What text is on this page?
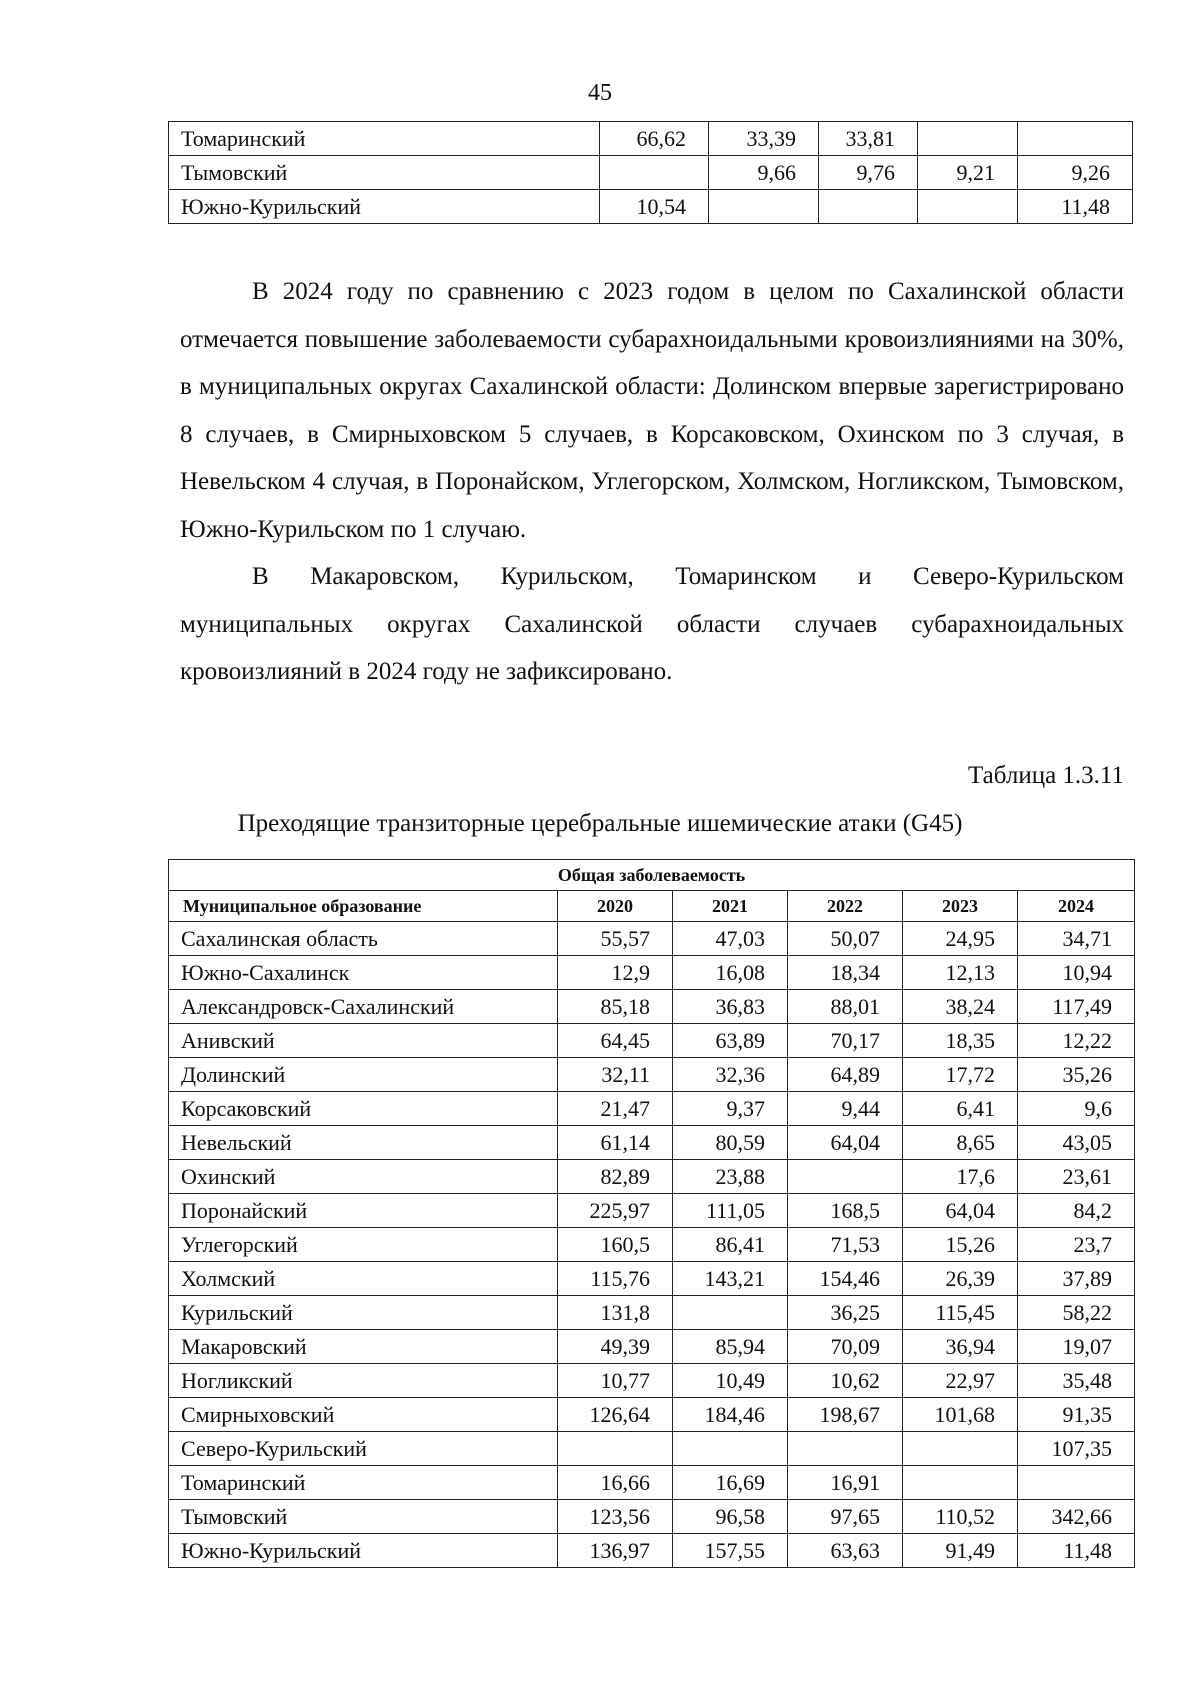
45
Томаринский	66,62	33,39	33,81		
Тымовский		9,66	9,76	9,21	9,26
Южно-Курильский	10,54				11,48

В 2024 году по сравнению с 2023 годом в целом по Сахалинской области отмечается повышение заболеваемости субарахноидальными кровоизлияниями на 30%, в муниципальных округах Сахалинской области: Долинском впервые зарегистрировано 8 случаев, в Смирныховском 5 случаев, в Корсаковском, Охинском по 3 случая, в Невельском 4 случая, в Поронайском, Углегорском, Холмском, Ногликском, Тымовском, Южно-Курильском по 1 случаю.

В Макаровском, Курильском, Томаринском и Северо-Курильском муниципальных округах Сахалинской области случаев субарахноидальных кровоизлияний в 2024 году не зафиксировано.

Таблица 1.3.11
Преходящие транзиторные церебральные ишемические атаки (G45)
Общая заболеваемость					
Муниципальное образование	2020	2021	2022	2023	2024
Сахалинская область	55,57	47,03	50,07	24,95	34,71
Южно-Сахалинск	12,9	16,08	18,34	12,13	10,94
Александровск-Сахалинский	85,18	36,83	88,01	38,24	117,49
Анивский	64,45	63,89	70,17	18,35	12,22
Долинский	32,11	32,36	64,89	17,72	35,26
Корсаковский	21,47	9,37	9,44	6,41	9,6
Невельский	61,14	80,59	64,04	8,65	43,05
Охинский	82,89	23,88		17,6	23,61
Поронайский	225,97	111,05	168,5	64,04	84,2
Углегорский	160,5	86,41	71,53	15,26	23,7
Холмский	115,76	143,21	154,46	26,39	37,89
Курильский	131,8		36,25	115,45	58,22
Макаровский	49,39	85,94	70,09	36,94	19,07
Ногликский	10,77	10,49	10,62	22,97	35,48
Смирныховский	126,64	184,46	198,67	101,68	91,35
Северо-Курильский					107,35
Томаринский	16,66	16,69	16,91		
Тымовский	123,56	96,58	97,65	110,52	342,66
Южно-Курильский	136,97	157,55	63,63	91,49	11,48
